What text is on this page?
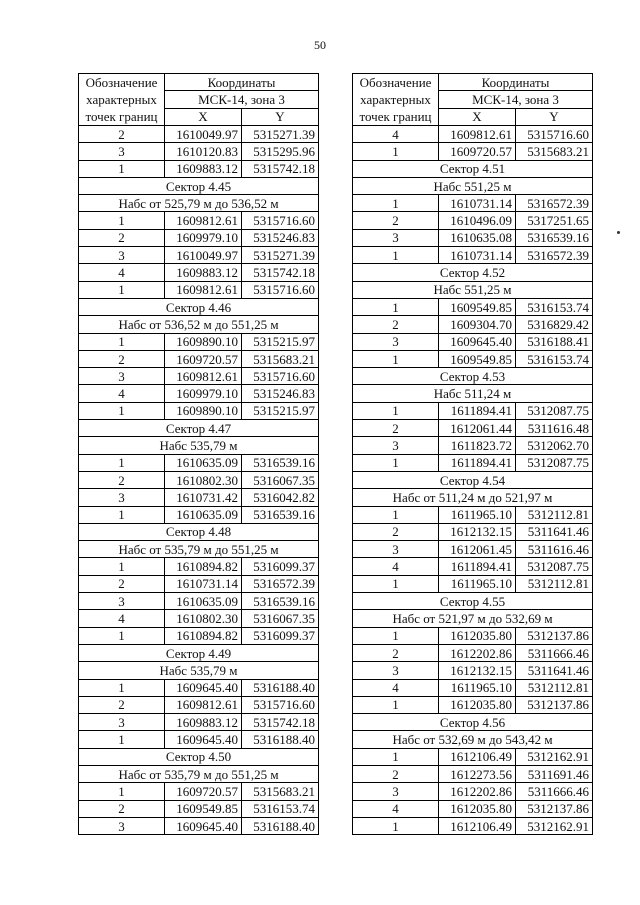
50
Обозначение
характерных
точек границ	Координаты	
	МСК-14, зона 3	
	X	Y
2	1610049.97	5315271.39
3	1610120.83	5315295.96
1	1609883.12	5315742.18
Сектор 4.45		
Набс от 525,79 м до 536,52 м		
1	1609812.61	5315716.60
2	1609979.10	5315246.83
3	1610049.97	5315271.39
4	1609883.12	5315742.18
1	1609812.61	5315716.60
Сектор 4.46		
Набс от 536,52 м до 551,25 м		
1	1609890.10	5315215.97
2	1609720.57	5315683.21
3	1609812.61	5315716.60
4	1609979.10	5315246.83
1	1609890.10	5315215.97
Сектор 4.47		
Набс 535,79 м		
1	1610635.09	5316539.16
2	1610802.30	5316067.35
3	1610731.42	5316042.82
1	1610635.09	5316539.16
Сектор 4.48		
Набс от 535,79 м до 551,25 м		
1	1610894.82	5316099.37
2	1610731.14	5316572.39
3	1610635.09	5316539.16
4	1610802.30	5316067.35
1	1610894.82	5316099.37
Сектор 4.49		
Набс 535,79 м		
1	1609645.40	5316188.40
2	1609812.61	5315716.60
3	1609883.12	5315742.18
1	1609645.40	5316188.40
Сектор 4.50		
Набс от 535,79 м до 551,25 м		
1	1609720.57	5315683.21
2	1609549.85	5316153.74
3	1609645.40	5316188.40
Обозначение
характерных
точек границ	Координаты	
	МСК-14, зона 3	
	X	Y
4	1609812.61	5315716.60
1	1609720.57	5315683.21
Сектор 4.51		
Набс 551,25 м		
1	1610731.14	5316572.39
2	1610496.09	5317251.65
3	1610635.08	5316539.16
1	1610731.14	5316572.39
Сектор 4.52		
Набс 551,25 м		
1	1609549.85	5316153.74
2	1609304.70	5316829.42
3	1609645.40	5316188.41
1	1609549.85	5316153.74
Сектор 4.53		
Набс 511,24 м		
1	1611894.41	5312087.75
2	1612061.44	5311616.48
3	1611823.72	5312062.70
1	1611894.41	5312087.75
Сектор 4.54		
Набс от 511,24 м до 521,97 м		
1	1611965.10	5312112.81
2	1612132.15	5311641.46
3	1612061.45	5311616.46
4	1611894.41	5312087.75
1	1611965.10	5312112.81
Сектор 4.55		
Набс от 521,97 м до 532,69 м		
1	1612035.80	5312137.86
2	1612202.86	5311666.46
3	1612132.15	5311641.46
4	1611965.10	5312112.81
1	1612035.80	5312137.86
Сектор 4.56		
Набс от 532,69 м до 543,42 м		
1	1612106.49	5312162.91
2	1612273.56	5311691.46
3	1612202.86	5311666.46
4	1612035.80	5312137.86
1	1612106.49	5312162.91
